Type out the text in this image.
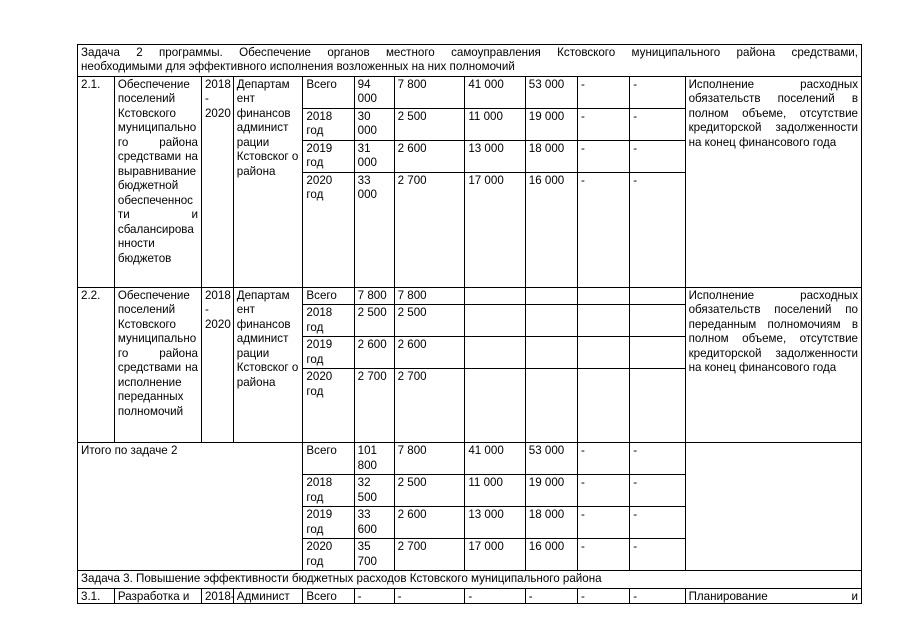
Задача 2 программы. Обеспечение органов местного самоуправления Кстовского муниципального района средствами,
необходимыми для эффективного исполнения возложенных на них полномочий											

2.1.	Обеспечение поселений Кстовского муниципально го района средствами на выравнивание бюджетной обеспеченнос ти и сбалансирова нности бюджетов	2018 - 2020	Департам ент финансов админист рации Кстовског о района	Всего	94 000	7 800	41 000	53 000	-	-	Исполнение расходных обязательств поселений в полном объеме, отсутствие кредиторской задолженности на конец финансового года
				2018 год	30 000	2 500	11 000	19 000	-	-	
				2019 год	31 000	2 600	13 000	18 000	-	-	
				2020 год	33 000	2 700	17 000	16 000	-	-	
2.2.	Обеспечение поселений Кстовского муниципально го района средствами на исполнение переданных полномочий	2018 - 2020	Департам ент финансов админист рации Кстовског о района	Всего	7 800	7 800					Исполнение расходных обязательств поселений по переданным полномочиям в полном объеме, отсутствие кредиторской задолженности на конец финансового года
				2018 год	2 500	2 500					
				2019 год	2 600	2 600					
				2020 год	2 700	2 700					
Итого по задаче 2				Всего	101 800	7 800	41 000	53 000	-	-	
				2018 год	32 500	2 500	11 000	19 000	-	-	
				2019 год	33 600	2 600	13 000	18 000	-	-	
				2020 год	35 700	2 700	17 000	16 000	-	-	
Задача 3. Повышение эффективности бюджетных расходов Кстовского муниципального района											

3.1.	Разработка и	2018-	Админист	Всего	-	-	-	-	-	-	Планирование и
